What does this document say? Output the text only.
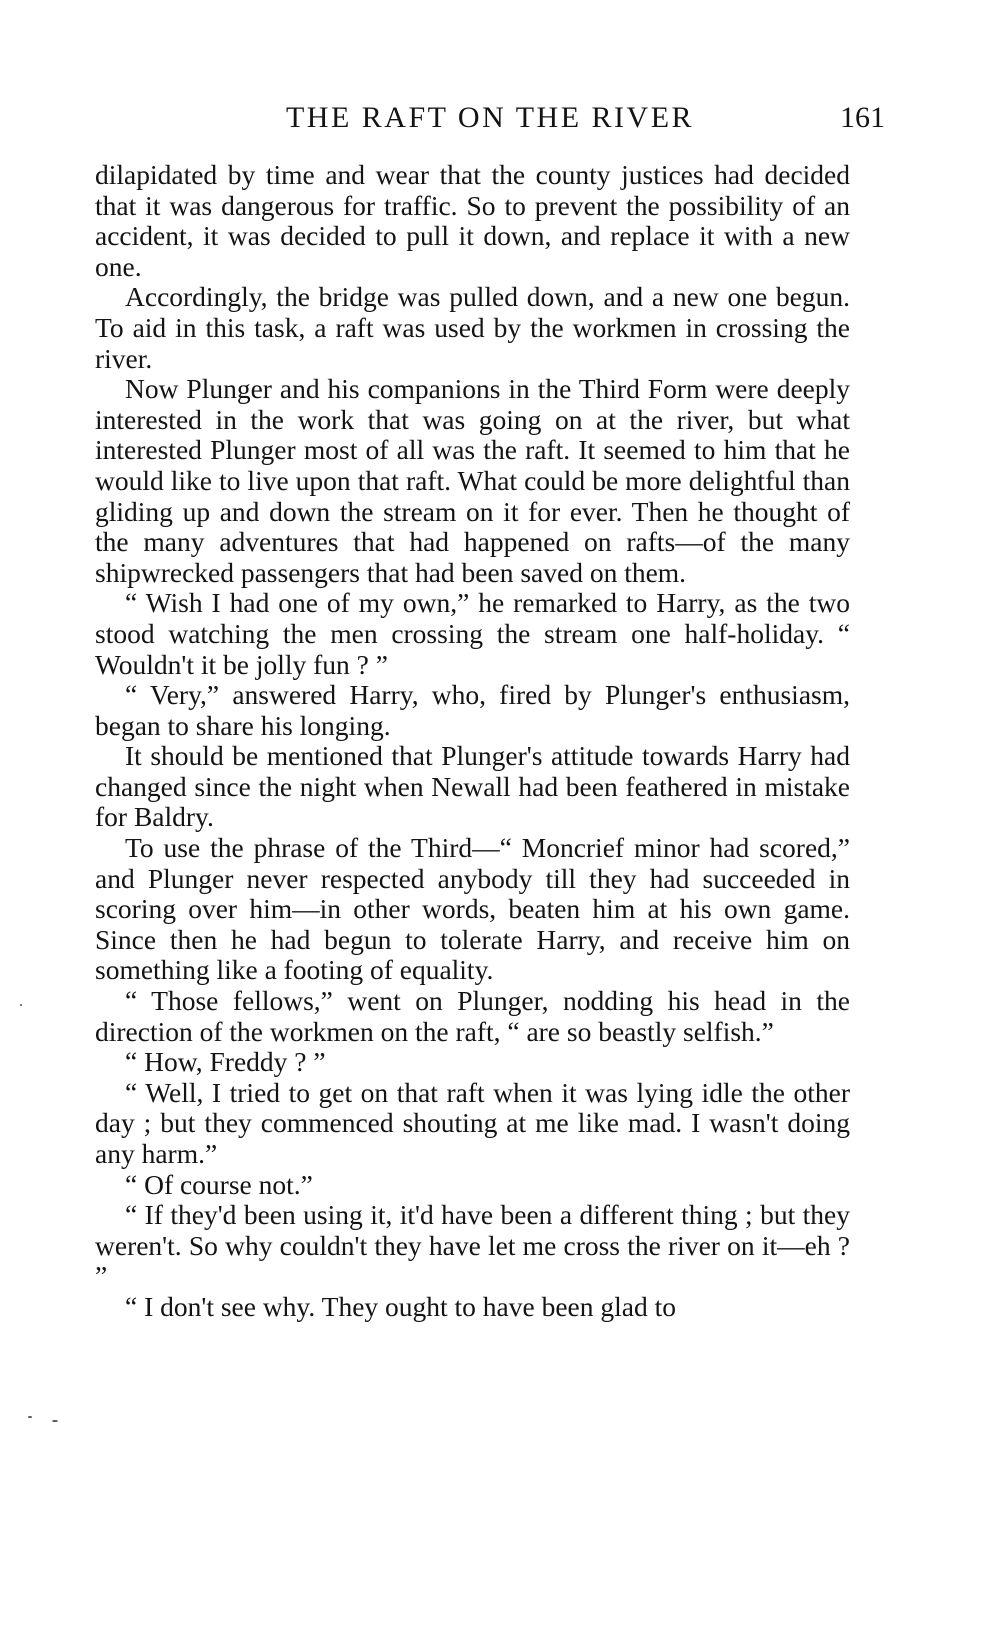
THE RAFT ON THE RIVER	161

dilapidated by time and wear that the county justices had decided that it was dangerous for traffic. So to prevent the possibility of an accident, it was decided to pull it down, and replace it with a new one.

Accordingly, the bridge was pulled down, and a new one begun. To aid in this task, a raft was used by the workmen in crossing the river.

Now Plunger and his companions in the Third Form were deeply interested in the work that was going on at the river, but what interested Plunger most of all was the raft. It seemed to him that he would like to live upon that raft. What could be more delightful than gliding up and down the stream on it for ever. Then he thought of the many adventures that had happened on rafts—of the many shipwrecked passengers that had been saved on them.

“ Wish I had one of my own,” he remarked to Harry, as the two stood watching the men crossing the stream one half-holiday. “ Wouldn't it be jolly fun ? ”

“ Very,” answered Harry, who, fired by Plunger's enthusiasm, began to share his longing.

It should be mentioned that Plunger's attitude towards Harry had changed since the night when Newall had been feathered in mistake for Baldry.

To use the phrase of the Third—“ Moncrief minor had scored,” and Plunger never respected anybody till they had succeeded in scoring over him—in other words, beaten him at his own game. Since then he had begun to tolerate Harry, and receive him on something like a footing of equality.

“ Those fellows,” went on Plunger, nodding his head in the direction of the workmen on the raft, “ are so beastly selfish.”

“ How, Freddy ? ”

“ Well, I tried to get on that raft when it was lying idle the other day ; but they commenced shouting at me like mad. I wasn't doing any harm.”

“ Of course not.”

“ If they'd been using it, it'd have been a different thing ; but they weren't. So why couldn't they have let me cross the river on it—eh ? ”

“ I don't see why. They ought to have been glad to
